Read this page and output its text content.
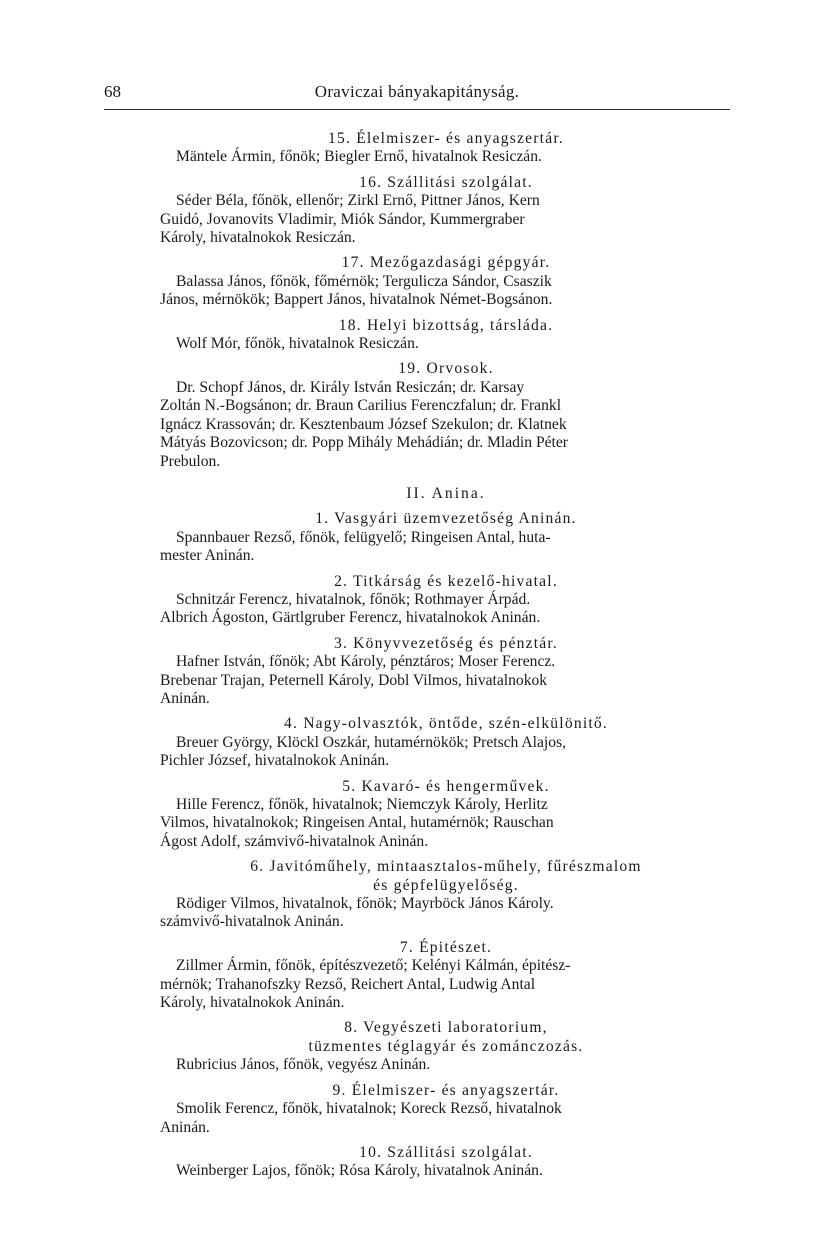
68	Oraviczai bányakapitányság.
15. Élelmiszer- és anyagszertár.
Mäntele Ármin, főnök; Biegler Ernő, hivatalnok Resiczán.
16. Szállitási szolgálat.
Séder Béla, főnök, ellenőr; Zirkl Ernő, Pittner János, Kern
Guidó, Jovanovits Vladimir, Miók Sándor, Kummergraber
Károly, hivatalnokok Resiczán.
17. Mezőgazdasági gépgyár.
Balassa János, főnök, főmérnök; Tergulicza Sándor, Csaszik
János, mérnökök; Bappert János, hivatalnok Német-Bogsánon.
18. Helyi bizottság, társláda.
Wolf Mór, főnök, hivatalnok Resiczán.
19. Orvosok.
Dr. Schopf János, dr. Király István Resiczán; dr. Karsay
Zoltán N.-Bogsánon; dr. Braun Carilius Ferenczfalun; dr. Frankl
Ignácz Krassován; dr. Kesztenbaum József Szekulon; dr. Klatnek
Mátyás Bozovicson; dr. Popp Mihály Mehádián; dr. Mladin Péter
Prebulon.
II. Anina.
1. Vasgyári üzemvezetőség Aninán.
Spannbauer Rezső, főnök, felügyelő; Ringeisen Antal, huta-
mester Aninán.
2. Titkárság és kezelő-hivatal.
Schnitzár Ferencz, hivatalnok, főnök; Rothmayer Árpád.
Albrich Ágoston, Gärtlgruber Ferencz, hivatalnokok Aninán.
3. Könyvvezetőség és pénztár.
Hafner István, főnök; Abt Károly, pénztáros; Moser Ferencz.
Brebenar Trajan, Peternell Károly, Dobl Vilmos, hivatalnokok
Aninán.
4. Nagy-olvasztók, öntőde, szén-elkülönitő.
Breuer György, Klöckl Oszkár, hutamérnökök; Pretsch Alajos,
Pichler József, hivatalnokok Aninán.
5. Kavaró- és hengerművek.
Hille Ferencz, főnök, hivatalnok; Niemczyk Károly, Herlitz
Vilmos, hivatalnokok; Ringeisen Antal, hutamérnök; Rauschan
Ágost Adolf, számvivő-hivatalnok Aninán.
6. Javitóműhely, mintaasztalos-műhely, fűrészmalom
és gépfelügyelőség.
Rödiger Vilmos, hivatalnok, főnök; Mayrböck János Károly.
számvivő-hivatalnok Aninán.
7. Épitészet.
Zillmer Ármin, főnök, építészvezető; Kelényi Kálmán, épitész-
mérnök; Trahanofszky Rezső, Reichert Antal, Ludwig Antal
Károly, hivatalnokok Aninán.
8. Vegyészeti laboratorium,
tüzmentes téglagyár és zománczozás.
Rubricius János, főnök, vegyész Aninán.
9. Élelmiszer- és anyagszertár.
Smolik Ferencz, főnök, hivatalnok; Koreck Rezső, hivatalnok
Aninán.
10. Szállitási szolgálat.
Weinberger Lajos, főnök; Rósa Károly, hivatalnok Aninán.
